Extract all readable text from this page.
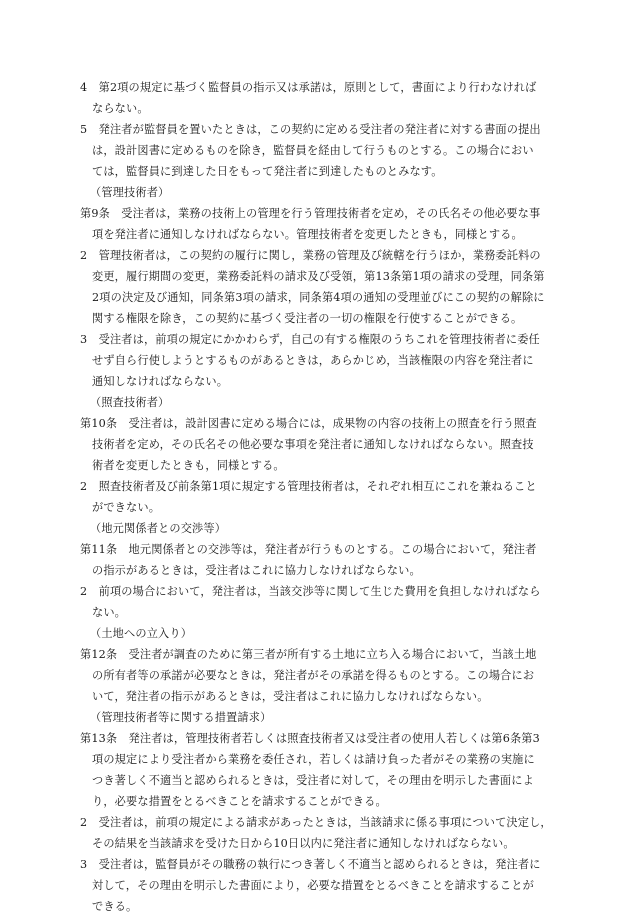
4　第2項の規定に基づく監督員の指示又は承諾は，原則として，書面により行わなければ
ならない。
5　発注者が監督員を置いたときは，この契約に定める受注者の発注者に対する書面の提出
は，設計図書に定めるものを除き，監督員を経由して行うものとする。この場合におい
ては，監督員に到達した日をもって発注者に到達したものとみなす。
（管理技術者）
第9条　受注者は，業務の技術上の管理を行う管理技術者を定め，その氏名その他必要な事
項を発注者に通知しなければならない。管理技術者を変更したときも，同様とする。
2　管理技術者は，この契約の履行に関し，業務の管理及び統轄を行うほか，業務委託料の
変更，履行期間の変更，業務委託料の請求及び受領，第13条第1項の請求の受理，同条第
2項の決定及び通知，同条第3項の請求，同条第4項の通知の受理並びにこの契約の解除に
関する権限を除き，この契約に基づく受注者の一切の権限を行使することができる。
3　受注者は，前項の規定にかかわらず，自己の有する権限のうちこれを管理技術者に委任
せず自ら行使しようとするものがあるときは，あらかじめ，当該権限の内容を発注者に
通知しなければならない。
（照査技術者）
第10条　受注者は，設計図書に定める場合には，成果物の内容の技術上の照査を行う照査
技術者を定め，その氏名その他必要な事項を発注者に通知しなければならない。照査技
術者を変更したときも，同様とする。
2　照査技術者及び前条第1項に規定する管理技術者は，それぞれ相互にこれを兼ねること
ができない。
（地元関係者との交渉等）
第11条　地元関係者との交渉等は，発注者が行うものとする。この場合において，発注者
の指示があるときは，受注者はこれに協力しなければならない。
2　前項の場合において，発注者は，当該交渉等に関して生じた費用を負担しなければなら
ない。
（土地への立入り）
第12条　受注者が調査のために第三者が所有する土地に立ち入る場合において，当該土地
の所有者等の承諾が必要なときは，発注者がその承諾を得るものとする。この場合にお
いて，発注者の指示があるときは，受注者はこれに協力しなければならない。
（管理技術者等に関する措置請求）
第13条　発注者は，管理技術者若しくは照査技術者又は受注者の使用人若しくは第6条第3
項の規定により受注者から業務を委任され，若しくは請け負った者がその業務の実施に
つき著しく不適当と認められるときは，受注者に対して，その理由を明示した書面によ
り，必要な措置をとるべきことを請求することができる。
2　受注者は，前項の規定による請求があったときは，当該請求に係る事項について決定し，
その結果を当該請求を受けた日から10日以内に発注者に通知しなければならない。
3　受注者は，監督員がその職務の執行につき著しく不適当と認められるときは，発注者に
対して，その理由を明示した書面により，必要な措置をとるべきことを請求することが
できる。
